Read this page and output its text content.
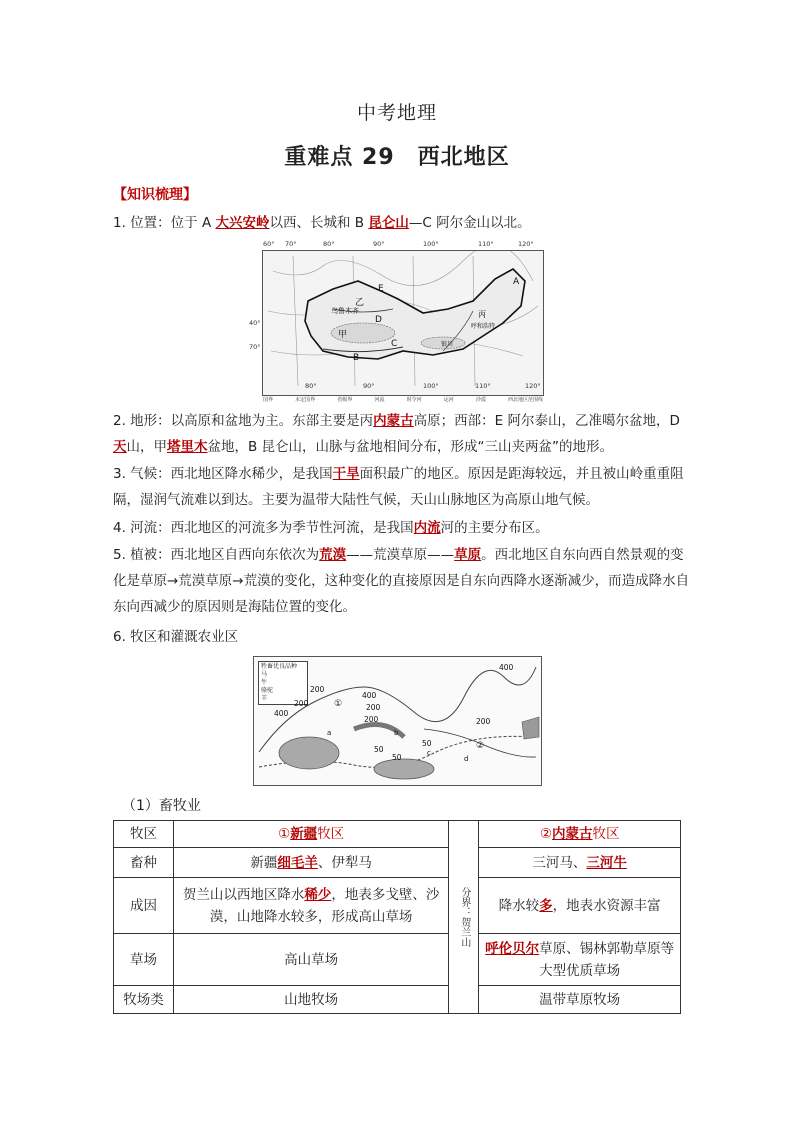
中考地理
重难点 29　西北地区
【知识梳理】
1. 位置：位于 A 大兴安岭以西、长城和 B 昆仑山—C 阿尔金山以北。
60° 70°	80°	90°	100°	110°	120°
40°
70°
乌鲁木齐
乙
D
甲
B
C
丙
呼和浩特
银川
A
E
80°	90°	100°	110°	120°
国界	未定国界	省级界	河流	时令河	运河	沙漠	西北地区范围线
2. 地形：以高原和盆地为主。东部主要是丙内蒙古高原；西部：E 阿尔泰山，乙准噶尔盆地，D 天山，甲塔里木盆地，B 昆仑山，山脉与盆地相间分布，形成“三山夹两盆”的地形。
3. 气候：西北地区降水稀少，是我国干旱面积最广的地区。原因是距海较远，并且被山岭重重阻隔，湿润气流难以到达。主要为温带大陆性气候，天山山脉地区为高原山地气候。
4. 河流：西北地区的河流多为季节性河流，是我国内流河的主要分布区。
5. 植被：西北地区自西向东依次为荒漠——荒漠草原——草原。西北地区自东向西自然景观的变化是草原→荒漠草原→荒漠的变化，这种变化的直接原因是自东向西降水逐渐减少，而造成降水自东向西减少的原因则是海陆位置的变化。
6. 牧区和灌溉农业区
牲畜优良品种
马
牛
骆驼
羊
200
400
200
400
200
200	200
400
50
50
50
①
②
a	b
c
d
（1）畜牧业
牧区	①新疆牧区	分界：贺兰山	②内蒙古牧区
畜种	新疆细毛羊、伊犁马		三河马、三河牛
成因	贺兰山以西地区降水稀少，地表多戈壁、沙漠，山地降水较多，形成高山草场		降水较多，地表水资源丰富
草场	高山草场		呼伦贝尔草原、锡林郭勒草原等大型优质草场
牧场类	山地牧场		温带草原牧场
